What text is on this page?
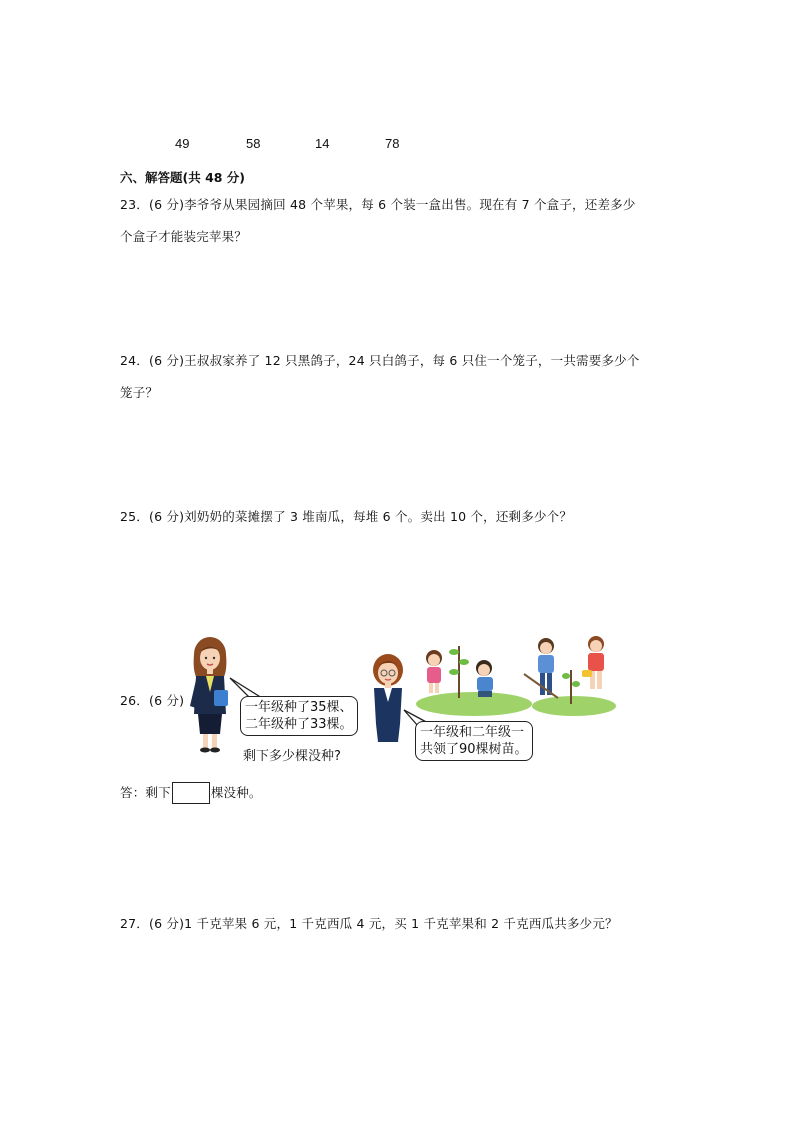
49	58	14	78
六、解答题(共 48 分)
23．(6 分)李爷爷从果园摘回 48 个苹果，每 6 个装一盒出售。现在有 7 个盒子，还差多少
个盒子才能装完苹果？
24．(6 分)王叔叔家养了 12 只黑鸽子，24 只白鸽子，每 6 只住一个笼子，一共需要多少个
笼子？
25．(6 分)刘奶奶的菜摊摆了 3 堆南瓜，每堆 6 个。卖出 10 个，还剩多少个？
26．(6 分)	一年级种了35棵、
二年级种了33棵。
剩下多少棵没种?
一年级和二年级一
共领了90棵树苗。
答：剩下	棵没种。
27．(6 分)1 千克苹果 6 元，1 千克西瓜 4 元，买 1 千克苹果和 2 千克西瓜共多少元？
